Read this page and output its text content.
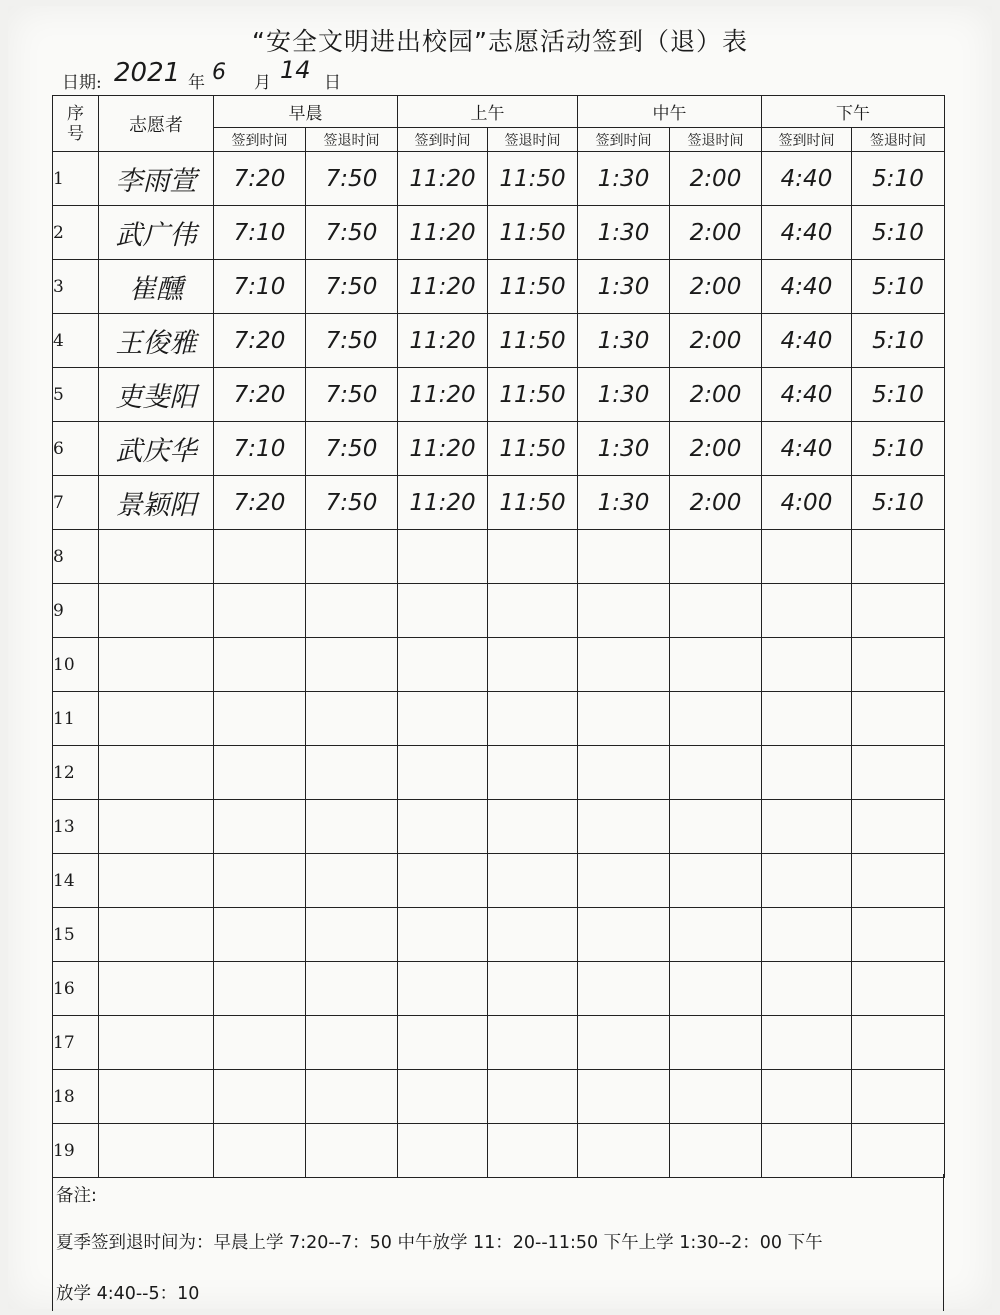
“安全文明进出校园”志愿活动签到（退）表
日期: 2021 年 6 月 14 日
序
号	志愿者	早晨		上午		中午		下午	
		签到时间	签退时间	签到时间	签退时间	签到时间	签退时间	签到时间	签退时间
1	李雨萱	7:20	7:50	11:20	11:50	1:30	2:00	4:40	5:10
2	武广伟	7:10	7:50	11:20	11:50	1:30	2:00	4:40	5:10
3	崔醺	7:10	7:50	11:20	11:50	1:30	2:00	4:40	5:10
4	王俊雅	7:20	7:50	11:20	11:50	1:30	2:00	4:40	5:10
5	吏斐阳	7:20	7:50	11:20	11:50	1:30	2:00	4:40	5:10
6	武庆华	7:10	7:50	11:20	11:50	1:30	2:00	4:40	5:10
7	景颖阳	7:20	7:50	11:20	11:50	1:30	2:00	4:00	5:10
8									
9									
10									
11									
12									
13									
14									
15									
16									
17									
18									
19									
备注:
夏季签到退时间为：早晨上学 7:20--7：50 中午放学 11：20--11:50 下午上学 1:30--2：00 下午
放学 4:40--5：10
